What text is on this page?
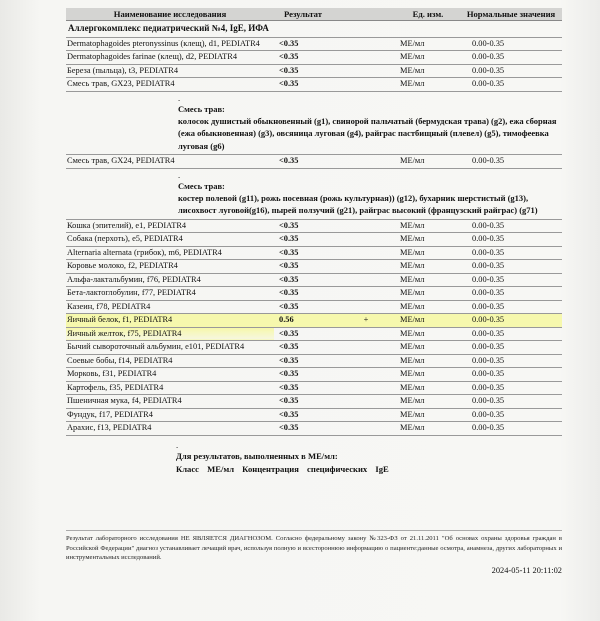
Наименование исследования	Результат		Ед. изм.	Нормальные значения
Аллергокомплекс педиатрический №4, IgE, ИФА				
Dermatophagoides pteronyssinus (клещ), d1, PEDIATR4	<0.35		МЕ/мл	0.00-0.35
Dermatophagoides farinae (клещ), d2, PEDIATR4	<0.35		МЕ/мл	0.00-0.35
Береза (пыльца), t3, PEDIATR4	<0.35		МЕ/мл	0.00-0.35
Смесь трав, GX23, PEDIATR4	<0.35		МЕ/мл	0.00-0.35

.
Смесь трав:
колосок душистый обыкновенный (g1), свинорой пальчатый (бермудская трава) (g2), ежа сборная (ежа обыкновенная) (g3), овсяница луговая (g4), райграс пастбищный (плевел) (g5), тимофеевка луговая (g6)				

Смесь трав, GX24, PEDIATR4	<0.35		МЕ/мл	0.00-0.35

.
Смесь трав:
костер полевой (g11), рожь посевная (рожь культурная)) (g12), бухарник шерстистый (g13), лисохвост луговой(g16), пырей ползучий (g21), райграс высокий (французский райграс) (g71)				

Кошка (эпителий), e1, PEDIATR4	<0.35		МЕ/мл	0.00-0.35
Собака (перхоть), e5, PEDIATR4	<0.35		МЕ/мл	0.00-0.35
Alternaria alternata (грибок), m6, PEDIATR4	<0.35		МЕ/мл	0.00-0.35
Коровье молоко, f2, PEDIATR4	<0.35		МЕ/мл	0.00-0.35
Альфа-лактальбумин, f76, PEDIATR4	<0.35		МЕ/мл	0.00-0.35
Бета-лактоглобулин, f77, PEDIATR4	<0.35		МЕ/мл	0.00-0.35
Казеин, f78, PEDIATR4	<0.35		МЕ/мл	0.00-0.35
Яичный белок, f1, PEDIATR4	0.56	+	МЕ/мл	0.00-0.35
Яичный желток, f75, PEDIATR4	<0.35		МЕ/мл	0.00-0.35
Бычий сывороточный альбумин, e101, PEDIATR4	<0.35		МЕ/мл	0.00-0.35
Соевые бобы, f14, PEDIATR4	<0.35		МЕ/мл	0.00-0.35
Морковь, f31, PEDIATR4	<0.35		МЕ/мл	0.00-0.35
Картофель, f35, PEDIATR4	<0.35		МЕ/мл	0.00-0.35
Пшеничная мука, f4, PEDIATR4	<0.35		МЕ/мл	0.00-0.35
Фундук, f17, PEDIATR4	<0.35		МЕ/мл	0.00-0.35
Арахис, f13, PEDIATR4	<0.35		МЕ/мл	0.00-0.35
.
Для результатов, выполненных в МЕ/мл:
Класс МЕ/мл Концентрация специфических IgE
Результат лабораторного исследования НЕ ЯВЛЯЕТСЯ ДИАГНОЗОМ. Согласно федеральному закону №323-ФЗ от 21.11.2011 "Об основах охраны здоровья граждан в Российской Федерации" диагноз устанавливает лечащий врач, используя полную и всестороннюю информацию о пациенте:данные осмотра, анамнеза, других лабораторных и инструментальных исследований.
2024-05-11 20:11:02
